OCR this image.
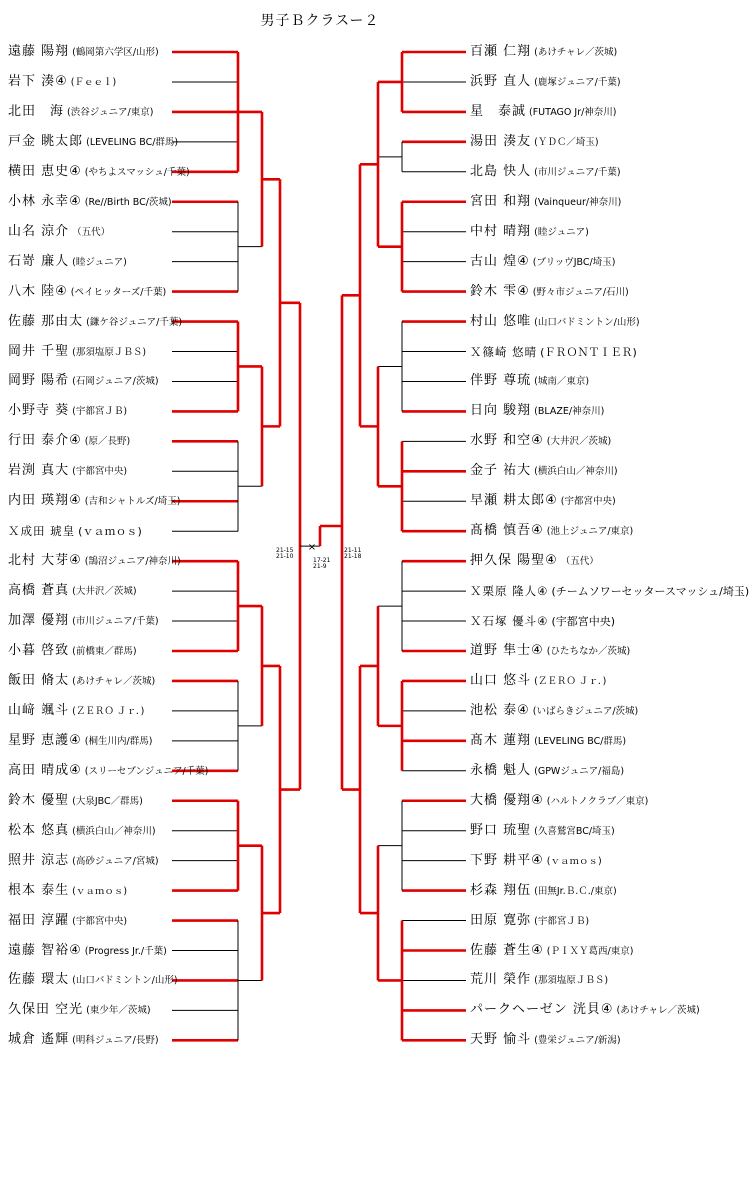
男子Ｂクラスー２
21-15
21-10
21-11
21-18
17-21
21-9
×
遠藤 陽翔 (鶴岡第六学区/山形)
岩下 湊④ (Ｆｅｅｌ)
北田　海 (渋谷ジュニア/東京)
戸金 眺太郎 (LEVELING BC/群馬)
横田 恵史④ (やちよスマッシュ/千葉)
小林 永幸④ (Re//Birth BC/茨城)
山名 涼介 （五代）
石嵜 廉人 (睦ジュニア)
八木 陸④ (ペイヒッターズ/千葉)
佐藤 那由太 (鎌ケ谷ジュニア/千葉)
岡井 千聖 (那須塩原ＪＢＳ)
岡野 陽希 (石岡ジュニア/茨城)
小野寺 葵 (宇都宮ＪＢ)
行田 泰介④ (原／長野)
岩渕 真大 (宇都宮中央)
内田 瑛翔④ (吉和シャトルズ/埼玉)
Ｘ成田 琥皇 (ｖａｍｏｓ)
北村 大芽④ (鵠沼ジュニア/神奈川)
高橋 蒼真 (大井沢／茨城)
加澤 優翔 (市川ジュニア/千葉)
小暮 啓致 (前橋東／群馬)
飯田 脩太 (あけチャレ／茨城)
山﨑 颯斗 (ＺＥＲＯ Ｊｒ．)
星野 恵護④ (桐生川内/群馬)
高田 晴成④ (スリーセブンジュニア/千葉)
鈴木 優聖 (大泉JBC／群馬)
松本 悠真 (横浜白山／神奈川)
照井 涼志 (高砂ジュニア/宮城)
根本 泰生 (ｖａｍｏｓ)
福田 淳躍 (宇都宮中央)
遠藤 智裕④ (Progress Jr./千葉)
佐藤 環太 (山口バドミントン/山形)
久保田 空光 (東少年／茨城)
城倉 遙輝 (明科ジュニア/長野)
百瀬 仁翔 (あけチャレ／茨城)
浜野 直人 (鹿塚ジュニア/千葉)
星　泰誠 (FUTAGO Jr/神奈川)
湯田 湊友 (ＹＤＣ／埼玉)
北島 快人 (市川ジュニア/千葉)
宮田 和翔 (Vainqueur/神奈川)
中村 晴翔 (睦ジュニア)
古山 煌④ (ブリッヴJBC/埼玉)
鈴木 雫④ (野々市ジュニア/石川)
村山 悠唯 (山口バドミントン/山形)
Ｘ篠崎 悠晴 (ＦＲＯＮＴＩＥＲ)
伴野 尊琉 (城南／東京)
日向 駿翔 (BLAZE/神奈川)
水野 和空④ (大井沢／茨城)
金子 祐大 (横浜白山／神奈川)
早瀬 耕太郎④ (宇都宮中央)
髙橋 慎吾④ (池上ジュニア/東京)
押久保 陽聖④ （五代）
Ｘ栗原 隆人④ (チームソワーセッタースマッシュ/埼玉)
Ｘ石塚 優斗④ (宇都宮中央)
道野 隼士④ (ひたちなか／茨城)
山口 悠斗 (ＺＥＲＯ Ｊｒ．)
池松 泰④ (いばらきジュニア/茨城)
髙木 蓮翔 (LEVELING BC/群馬)
永橋 魁人 (GPWジュニア/福島)
大橋 優翔④ (ハルトノクラブ／東京)
野口 琉聖 (久喜鷲宮BC/埼玉)
下野 耕平④ (ｖａｍｏｓ)
杉森 翔伍 (田無Jr.Ｂ.Ｃ./東京)
田原 寛弥 (宇都宮ＪＢ)
佐藤 蒼生④ (ＰＩＸＹ葛西/東京)
荒川 榮作 (那須塩原ＪＢＳ)
パークヘーゼン 洸貝④ (あけチャレ／茨城)
天野 愉斗 (豊栄ジュニア/新潟)
